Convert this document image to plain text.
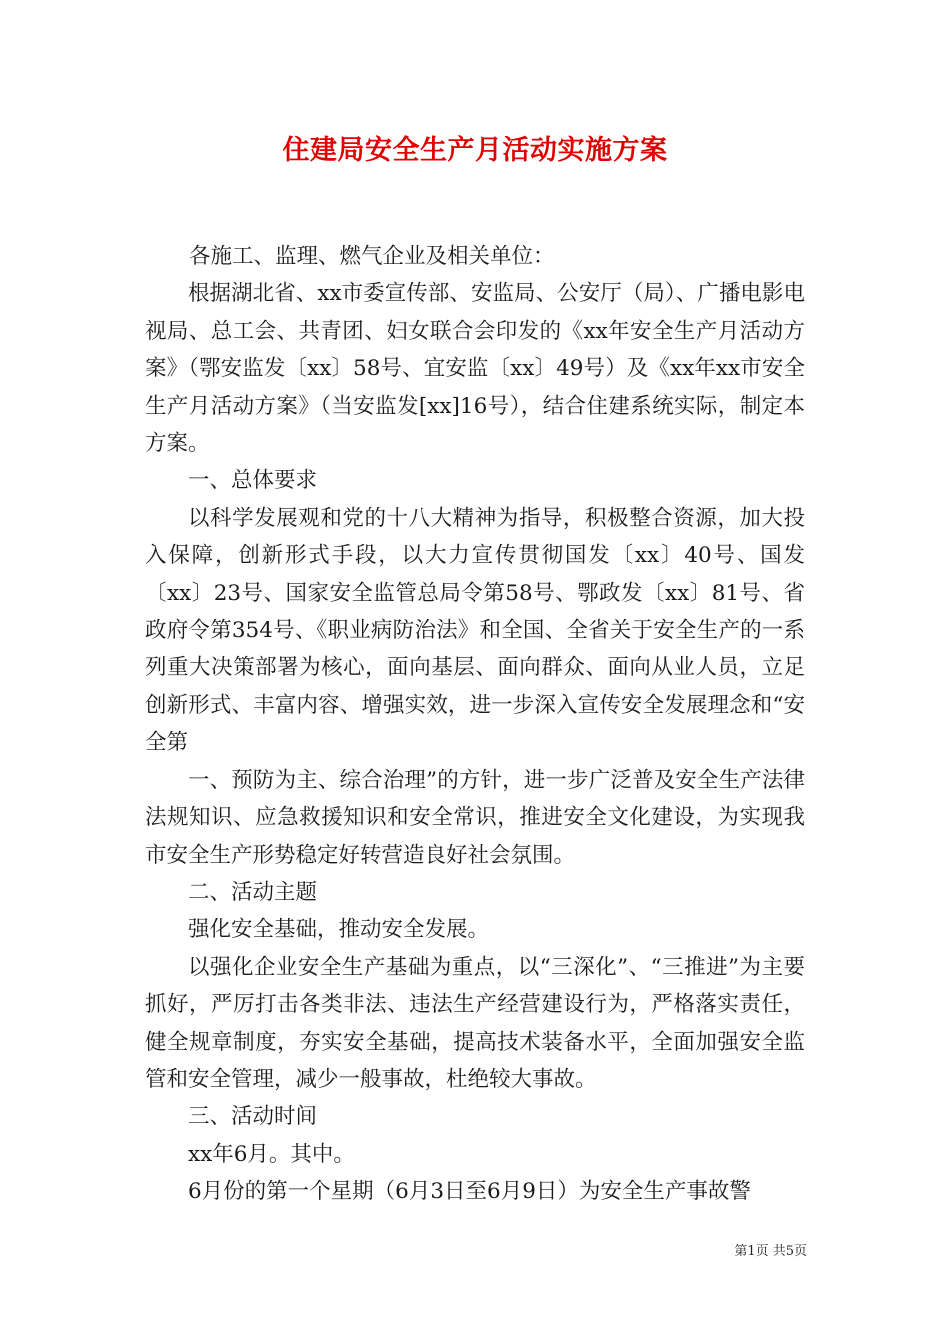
住建局安全生产月活动实施方案

各施工、监理、燃气企业及相关单位：

根据湖北省、xx市委宣传部、安监局、公安厅（局）、广播电影电视局、总工会、共青团、妇女联合会印发的《xx年安全生产月活动方案》（鄂安监发〔xx〕58号、宜安监〔xx〕49号）及《xx年xx市安全生产月活动方案》（当安监发[xx]16号），结合住建系统实际，制定本方案。

一、总体要求

以科学发展观和党的十八大精神为指导，积极整合资源，加大投入保障，创新形式手段，以大力宣传贯彻国发〔xx〕40号、国发〔xx〕23号、国家安全监管总局令第58号、鄂政发〔xx〕81号、省政府令第354号、《职业病防治法》和全国、全省关于安全生产的一系列重大决策部署为核心，面向基层、面向群众、面向从业人员，立足创新形式、丰富内容、增强实效，进一步深入宣传安全发展理念和“安全第

一、预防为主、综合治理”的方针，进一步广泛普及安全生产法律法规知识、应急救援知识和安全常识，推进安全文化建设，为实现我市安全生产形势稳定好转营造良好社会氛围。

二、活动主题

强化安全基础，推动安全发展。

以强化企业安全生产基础为重点，以“三深化”、“三推进”为主要抓好，严厉打击各类非法、违法生产经营建设行为，严格落实责任，健全规章制度，夯实安全基础，提高技术装备水平，全面加强安全监管和安全管理，减少一般事故，杜绝较大事故。

三、活动时间

xx年6月。其中。

6月份的第一个星期（6月3日至6月9日）为安全生产事故警

第1页 共5页
